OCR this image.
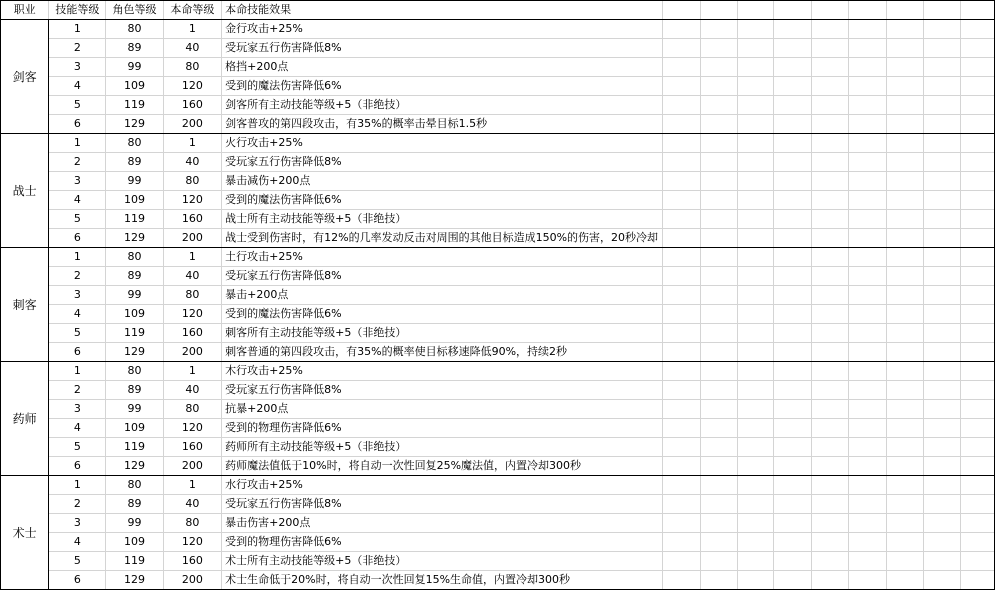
职业	技能等级	角色等级	本命等级	本命技能效果									
剑客	1	80	1	金行攻击+25%									
	2	89	40	受玩家五行伤害降低8%									
	3	99	80	格挡+200点									
	4	109	120	受到的魔法伤害降低6%									
	5	119	160	剑客所有主动技能等级+5（非绝技）									
	6	129	200	剑客普攻的第四段攻击，有35%的概率击晕目标1.5秒									
战士	1	80	1	火行攻击+25%									
	2	89	40	受玩家五行伤害降低8%									
	3	99	80	暴击减伤+200点									
	4	109	120	受到的魔法伤害降低6%									
	5	119	160	战士所有主动技能等级+5（非绝技）									
	6	129	200	战士受到伤害时，有12%的几率发动反击对周围的其他目标造成150%的伤害，20秒冷却									
刺客	1	80	1	土行攻击+25%									
	2	89	40	受玩家五行伤害降低8%									
	3	99	80	暴击+200点									
	4	109	120	受到的魔法伤害降低6%									
	5	119	160	刺客所有主动技能等级+5（非绝技）									
	6	129	200	刺客普通的第四段攻击，有35%的概率使目标移速降低90%，持续2秒									
药师	1	80	1	木行攻击+25%									
	2	89	40	受玩家五行伤害降低8%									
	3	99	80	抗暴+200点									
	4	109	120	受到的物理伤害降低6%									
	5	119	160	药师所有主动技能等级+5（非绝技）									
	6	129	200	药师魔法值低于10%时，将自动一次性回复25%魔法值，内置冷却300秒									
术士	1	80	1	水行攻击+25%									
	2	89	40	受玩家五行伤害降低8%									
	3	99	80	暴击伤害+200点									
	4	109	120	受到的物理伤害降低6%									
	5	119	160	术士所有主动技能等级+5（非绝技）									
	6	129	200	术士生命低于20%时，将自动一次性回复15%生命值，内置冷却300秒									
